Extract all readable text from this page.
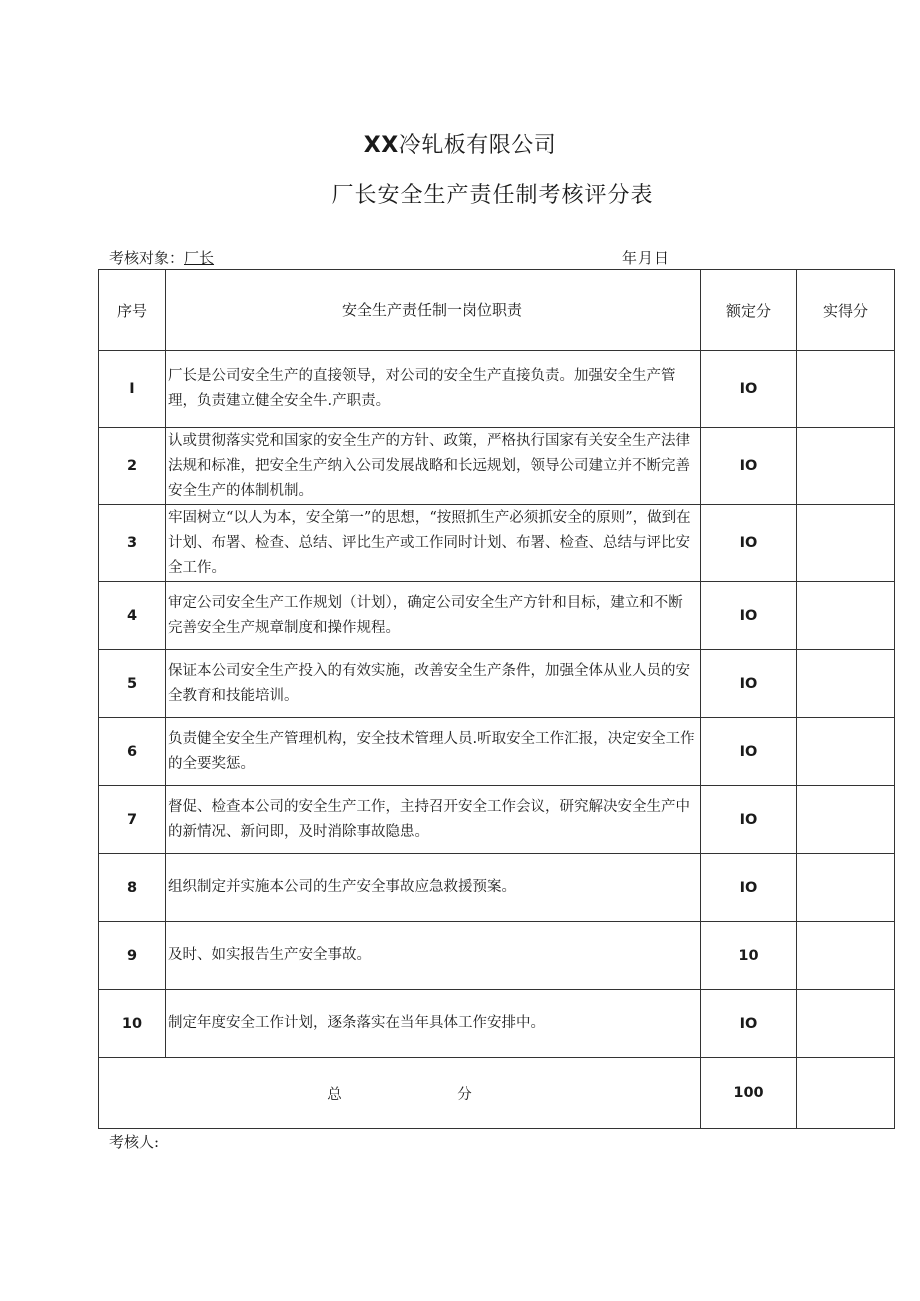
XX冷轧板有限公司
厂长安全生产责任制考核评分表
考核对象：厂长	年月日
序号	安全生产责任制一岗位职责	额定分	实得分
I	厂长是公司安全生产的直接领导，对公司的安全生产直接负责。加强安全生产管理，负责建立健全安全牛.产职责。	IO	
2	认或贯彻落实党和国家的安全生产的方针、政策，严格执行国家有关安全生产法律法规和标准，把安全生产纳入公司发展战略和长远规划，领导公司建立并不断完善安全生产的体制机制。	IO	
3	牢固树立“以人为本，安全第一”的思想，“按照抓生产必须抓安全的原则”，做到在计划、布署、检查、总结、评比生产或工作同时计划、布署、检查、总结与评比安全工作。	IO	
4	审定公司安全生产工作规划（计划），确定公司安全生产方针和目标，建立和不断完善安全生产规章制度和操作规程。	IO	
5	保证本公司安全生产投入的有效实施，改善安全生产条件，加强全体从业人员的安全教育和技能培训。	IO	
6	负责健全安全生产管理机构，安全技术管理人员.听取安全工作汇报，决定安全工作的全要奖惩。	IO	
7	督促、检查本公司的安全生产工作，主持召开安全工作会议，研究解决安全生产中的新情况、新问即，及时消除事故隐患。	IO	
8	组织制定并实施本公司的生产安全事故应急救援预案。	IO	
9	及时、如实报告生产安全事故。	10	
10	制定年度安全工作计划，逐条落实在当年具体工作安排中。	IO	
总 分		100	
考核人:
